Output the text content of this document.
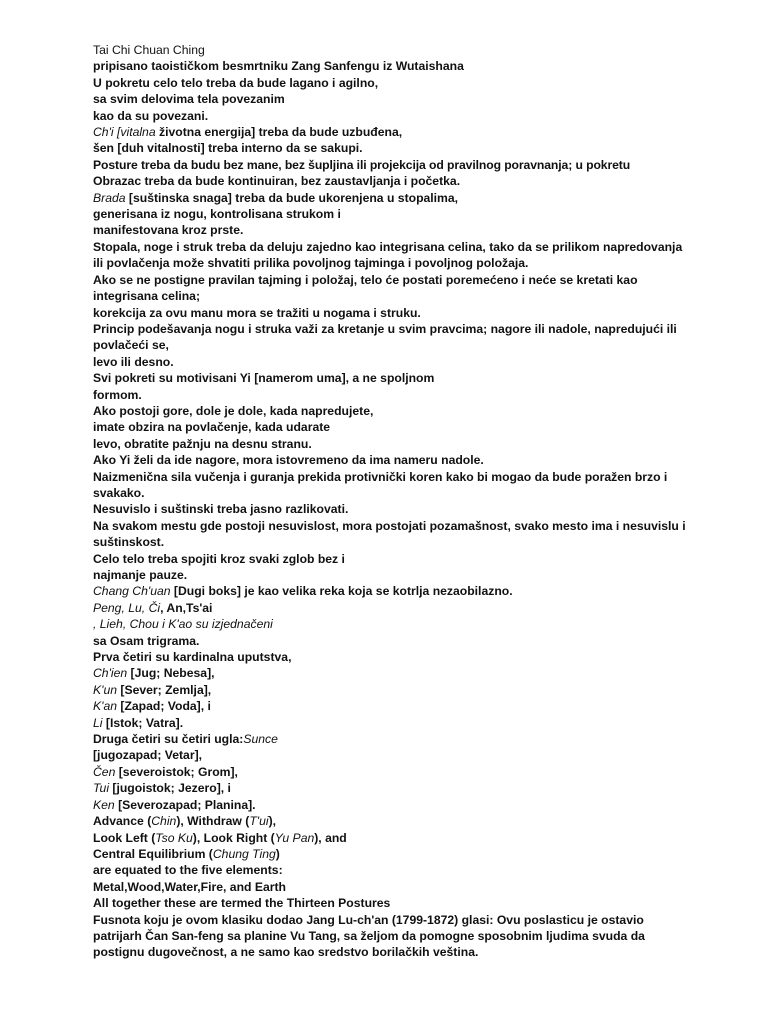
Tai Chi Chuan Ching
pripisano taoističkom besmrtniku Zang Sanfengu iz Wutaishana
U pokretu celo telo treba da bude lagano i agilno,
sa svim delovima tela povezanim
kao da su povezani.
Ch'i [vitalna životna energija] treba da bude uzbuđena,
šen [duh vitalnosti] treba interno da se sakupi.
Posture treba da budu bez mane, bez šupljina ili projekcija od pravilnog poravnanja; u pokretu
Obrazac treba da bude kontinuiran, bez zaustavljanja i početka.
Brada [suštinska snaga] treba da bude ukorenjena u stopalima,
generisana iz nogu, kontrolisana strukom i
manifestovana kroz prste.
Stopala, noge i struk treba da deluju zajedno kao integrisana celina, tako da se prilikom napredovanja ili povlačenja može shvatiti prilika povoljnog tajminga i povoljnog položaja.
Ako se ne postigne pravilan tajming i položaj, telo će postati poremećeno i neće se kretati kao integrisana celina;
korekcija za ovu manu mora se tražiti u nogama i struku.
Princip podešavanja nogu i struka važi za kretanje u svim pravcima; nagore ili nadole, napredujući ili povlačeći se,
levo ili desno.
Svi pokreti su motivisani Yi [namerom uma], a ne spoljnom
formom.
Ako postoji gore, dole je dole, kada napredujete,
imate obzira na povlačenje, kada udarate
levo, obratite pažnju na desnu stranu.
Ako Yi želi da ide nagore, mora istovremeno da ima nameru nadole.
Naizmenična sila vučenja i guranja prekida protivnički koren kako bi mogao da bude poražen brzo i svakako.
Nesuvislo i suštinski treba jasno razlikovati.
Na svakom mestu gde postoji nesuvislost, mora postojati pozamašnost, svako mesto ima i nesuvislu i suštinskost.
Celo telo treba spojiti kroz svaki zglob bez i
najmanje pauze.
Chang Ch'uan [Dugi boks] je kao velika reka koja se kotrlja nezaobilazno.
Peng, Lu, Či, An,Ts'ai
, Lieh, Chou i K'ao su izjednačeni
sa Osam trigrama.
Prva četiri su kardinalna uputstva,
Ch'ien [Jug; Nebesa],
K'un [Sever; Zemlja],
K'an [Zapad; Voda], i
Li [Istok; Vatra].
Druga četiri su četiri ugla:Sunce
[jugozapad; Vetar],
Čen [severoistok; Grom],
Tui [jugoistok; Jezero], i
Ken [Severozapad; Planina].
Advance (Chin), Withdraw (T'ui),
Look Left (Tso Ku), Look Right (Yu Pan), and
Central Equilibrium (Chung Ting)
are equated to the five elements:
Metal,Wood,Water,Fire, and Earth
All together these are termed the Thirteen Postures
Fusnota koju je ovom klasiku dodao Jang Lu-ch'an (1799-1872) glasi: Ovu poslasticu je ostavio patrijarh Čan San-feng sa planine Vu Tang, sa željom da pomogne sposobnim ljudima svuda da postignu dugovečnost, a ne samo kao sredstvo borilačkih veština.
